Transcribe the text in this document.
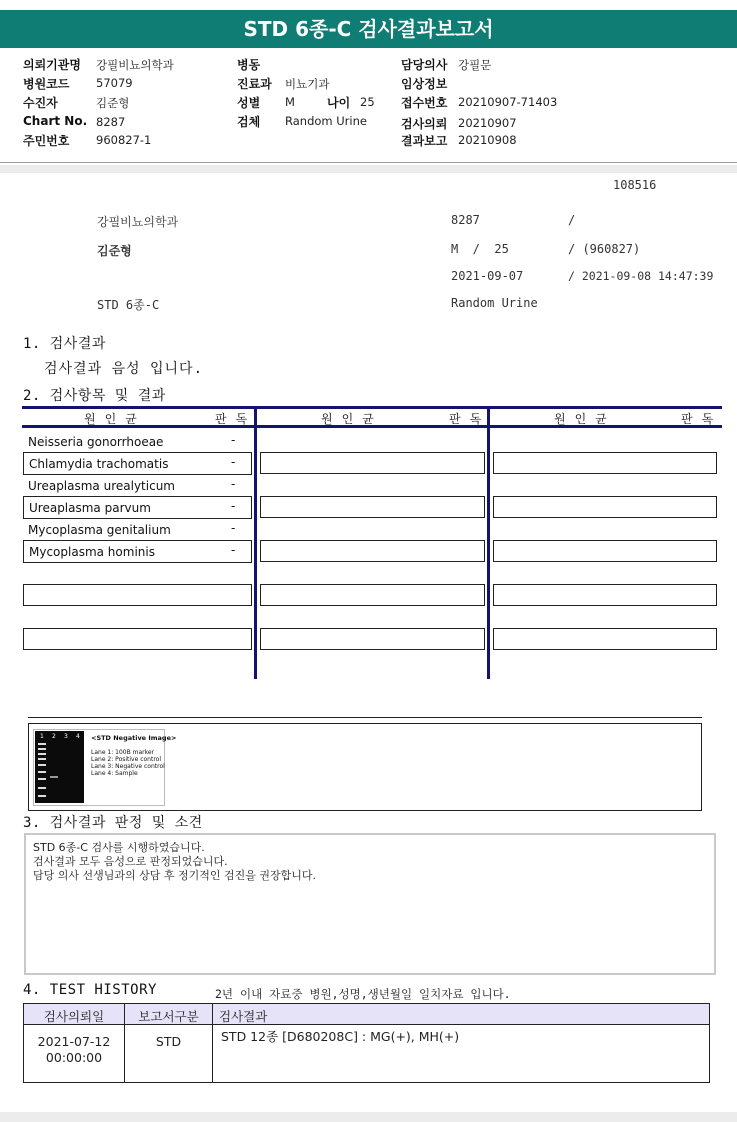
STD 6종-C 검사결과보고서
의뢰기관명 강필비뇨의학과
병원코드 57079
수진자	김준형
Chart No. 8287
주민번호 960827-1
병동
진료과 비뇨기과
성별 M	나이 25
검체 Random Urine
담당의사 강필문
임상정보
접수번호 20210907-71403
검사의뢰 20210907
결과보고 20210908
108516
강필비뇨의학과	8287	/
김준형	M  /  25	/ (960827)
2021-09-07	/ 2021-09-08 14:47:39
STD 6종-C	Random Urine
1. 검사결과
검사결과 음성 입니다.
2. 검사항목 및 결과
원인균	판독	원인균	판독	원인균	판독
Neisseria gonorrhoeae	-
Chlamydia trachomatis	-
Ureaplasma urealyticum	-
Ureaplasma parvum	-
Mycoplasma genitalium	-
Mycoplasma hominis	-
1 2 3 4 <STD Negative Image>
Lane 1: 100B marker
Lane 2: Positive control
Lane 3: Negative control
Lane 4: Sample
3. 검사결과 판정 및 소견
STD 6종-C 검사를 시행하였습니다.
검사결과 모두 음성으로 판정되었습니다.
담당 의사 선생님과의 상담 후 정기적인 검진을 권장합니다.
4. TEST HISTORY	2년 이내 자료중 병원,성명,생년월일 일치자료 입니다.
검사의뢰일	보고서구분	검사결과
2021-07-12
00:00:00
STD	STD 12종 [D680208C] : MG(+), MH(+)
